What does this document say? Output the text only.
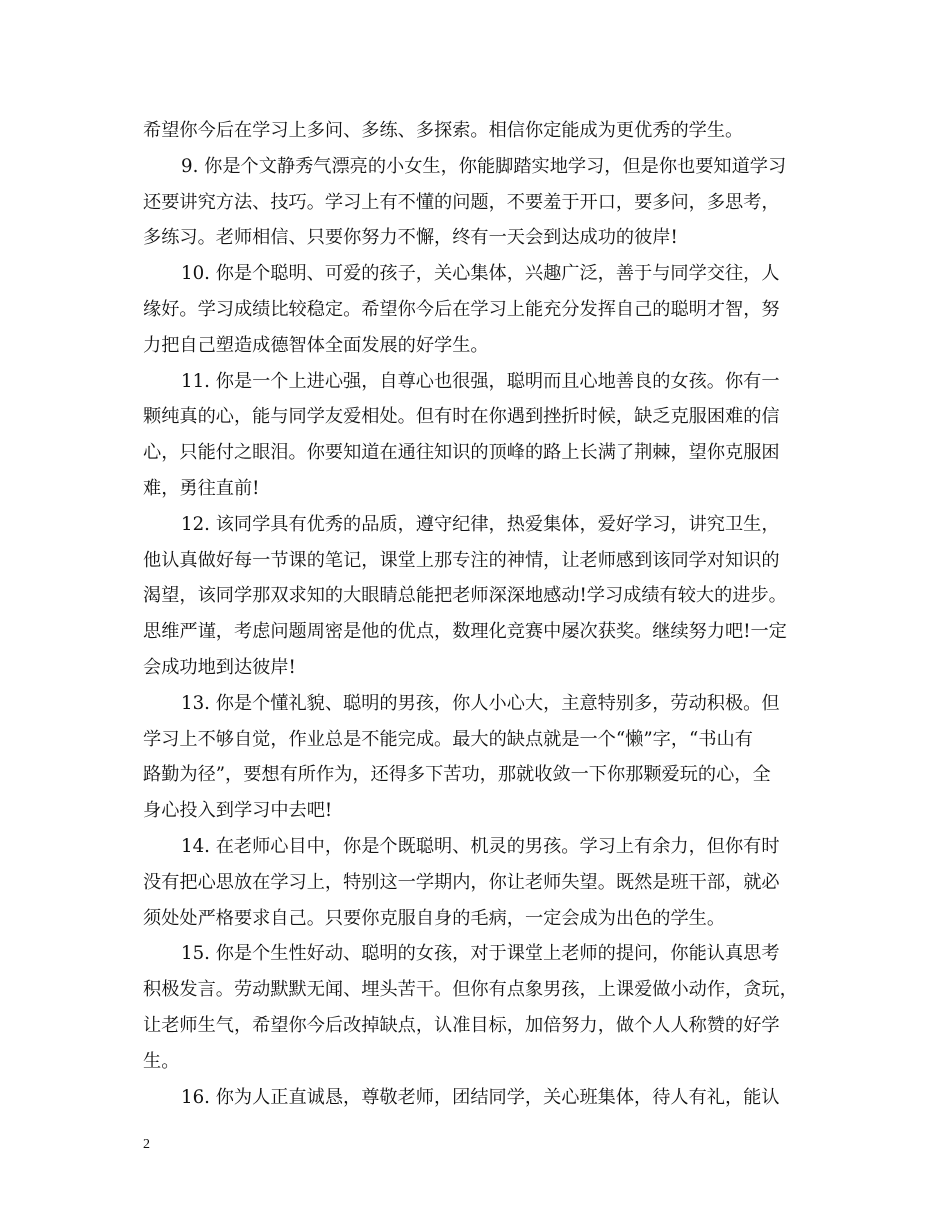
希望你今后在学习上多问、多练、多探索。相信你定能成为更优秀的学生。
9. 你是个文静秀气漂亮的小女生，你能脚踏实地学习，但是你也要知道学习
还要讲究方法、技巧。学习上有不懂的问题，不要羞于开口，要多问，多思考，
多练习。老师相信、只要你努力不懈，终有一天会到达成功的彼岸!
10. 你是个聪明、可爱的孩子，关心集体，兴趣广泛，善于与同学交往，人
缘好。学习成绩比较稳定。希望你今后在学习上能充分发挥自己的聪明才智，努
力把自己塑造成德智体全面发展的好学生。
11. 你是一个上进心强，自尊心也很强，聪明而且心地善良的女孩。你有一
颗纯真的心，能与同学友爱相处。但有时在你遇到挫折时候，缺乏克服困难的信
心，只能付之眼泪。你要知道在通往知识的顶峰的路上长满了荆棘，望你克服困
难，勇往直前!
12. 该同学具有优秀的品质，遵守纪律，热爱集体，爱好学习，讲究卫生，
他认真做好每一节课的笔记，课堂上那专注的神情，让老师感到该同学对知识的
渴望，该同学那双求知的大眼睛总能把老师深深地感动!学习成绩有较大的进步。
思维严谨，考虑问题周密是他的优点，数理化竞赛中屡次获奖。继续努力吧!一定
会成功地到达彼岸!
13. 你是个懂礼貌、聪明的男孩，你人小心大，主意特别多，劳动积极。但
学习上不够自觉，作业总是不能完成。最大的缺点就是一个“懒”字，“书山有
路勤为径”，要想有所作为，还得多下苦功，那就收敛一下你那颗爱玩的心，全
身心投入到学习中去吧!
14. 在老师心目中，你是个既聪明、机灵的男孩。学习上有余力，但你有时
没有把心思放在学习上，特别这一学期内，你让老师失望。既然是班干部，就必
须处处严格要求自己。只要你克服自身的毛病，一定会成为出色的学生。
15. 你是个生性好动、聪明的女孩，对于课堂上老师的提问，你能认真思考
积极发言。劳动默默无闻、埋头苦干。但你有点象男孩，上课爱做小动作，贪玩，
让老师生气，希望你今后改掉缺点，认准目标，加倍努力，做个人人称赞的好学
生。
16. 你为人正直诚恳，尊敬老师，团结同学，关心班集体，待人有礼，能认
2
